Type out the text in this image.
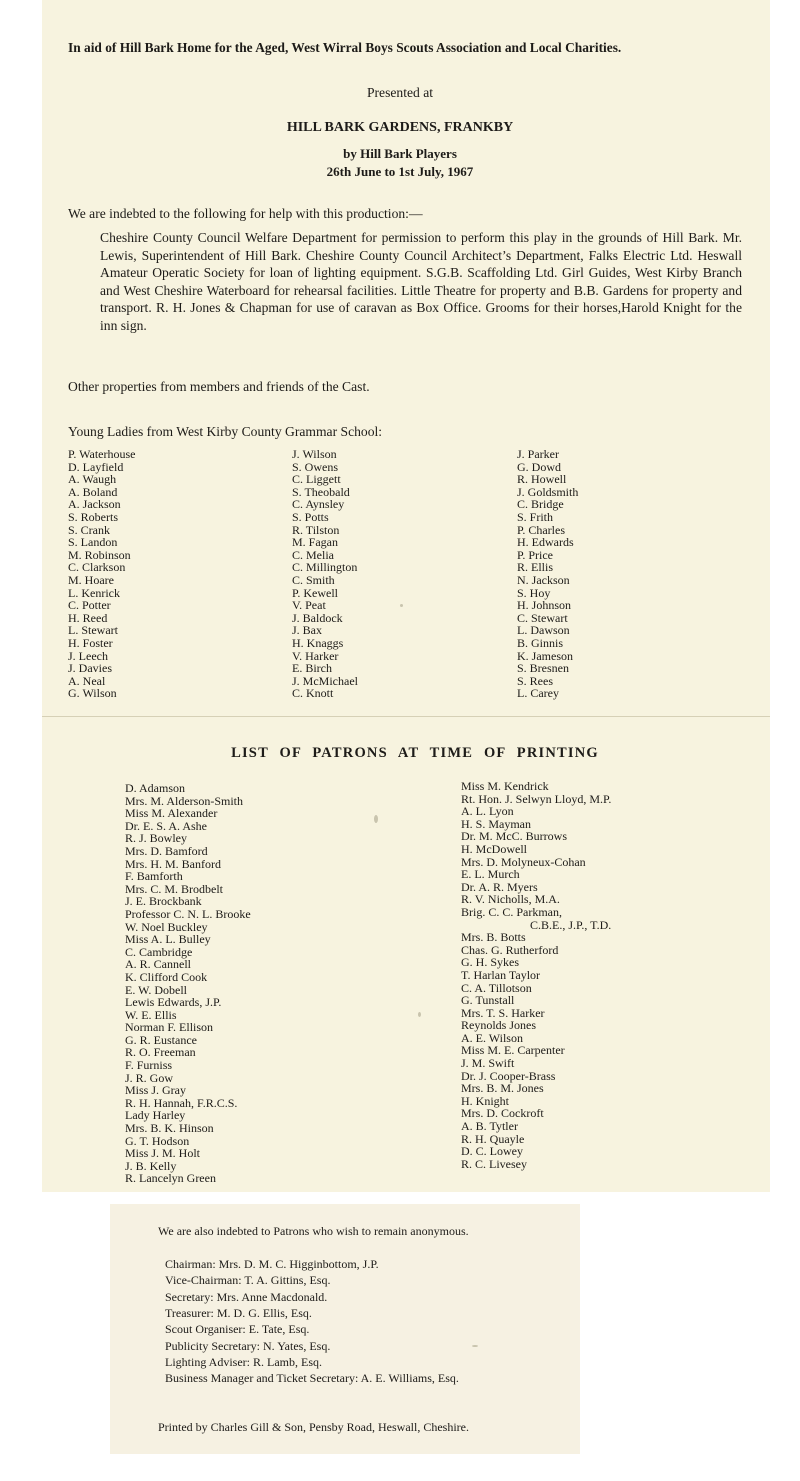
In aid of Hill Bark Home for the Aged, West Wirral Boys Scouts Association and Local Charities.
Presented at
HILL BARK GARDENS, FRANKBY
by Hill Bark Players
26th June to 1st July, 1967
We are indebted to the following for help with this production:—
Cheshire County Council Welfare Department for permission to perform this play in the grounds of Hill Bark. Mr. Lewis, Superintendent of Hill Bark. Cheshire County Council Architect’s Department, Falks Electric Ltd. Heswall Amateur Operatic Society for loan of lighting equipment. S.G.B. Scaffolding Ltd. Girl Guides, West Kirby Branch and West Cheshire Waterboard for rehearsal facilities. Little Theatre for property and B.B. Gardens for property and transport. R. H. Jones & Chapman for use of caravan as Box Office. Grooms for their horses,Harold Knight for the inn sign.
Other properties from members and friends of the Cast.
Young Ladies from West Kirby County Grammar School:
P. Waterhouse
D. Layfield
A. Waugh
A. Boland
A. Jackson
S. Roberts
S. Crank
S. Landon
M. Robinson
C. Clarkson
M. Hoare
L. Kenrick
C. Potter
H. Reed
L. Stewart
H. Foster
J. Leech
J. Davies
A. Neal
G. Wilson
J. Wilson
S. Owens
C. Liggett
S. Theobald
C. Aynsley
S. Potts
R. Tilston
M. Fagan
C. Melia
C. Millington
C. Smith
P. Kewell
V. Peat
J. Baldock
J. Bax
H. Knaggs
V. Harker
E. Birch
J. McMichael
C. Knott
J. Parker
G. Dowd
R. Howell
J. Goldsmith
C. Bridge
S. Frith
P. Charles
H. Edwards
P. Price
R. Ellis
N. Jackson
S. Hoy
H. Johnson
C. Stewart
L. Dawson
B. Ginnis
K. Jameson
S. Bresnen
S. Rees
L. Carey
LIST OF PATRONS AT TIME OF PRINTING
D. Adamson
Mrs. M. Alderson-Smith
Miss M. Alexander
Dr. E. S. A. Ashe
R. J. Bowley
Mrs. D. Bamford
Mrs. H. M. Banford
F. Bamforth
Mrs. C. M. Brodbelt
J. E. Brockbank
Professor C. N. L. Brooke
W. Noel Buckley
Miss A. L. Bulley
C. Cambridge
A. R. Cannell
K. Clifford Cook
E. W. Dobell
Lewis Edwards, J.P.
W. E. Ellis
Norman F. Ellison
G. R. Eustance
R. O. Freeman
F. Furniss
J. R. Gow
Miss J. Gray
R. H. Hannah, F.R.C.S.
Lady Harley
Mrs. B. K. Hinson
G. T. Hodson
Miss J. M. Holt
J. B. Kelly
R. Lancelyn Green
Miss M. Kendrick
Rt. Hon. J. Selwyn Lloyd, M.P.
A. L. Lyon
H. S. Mayman
Dr. M. McC. Burrows
H. McDowell
Mrs. D. Molyneux-Cohan
E. L. Murch
Dr. A. R. Myers
R. V. Nicholls, M.A.
Brig. C. C. Parkman,
C.B.E., J.P., T.D.
Mrs. B. Botts
Chas. G. Rutherford
G. H. Sykes
T. Harlan Taylor
C. A. Tillotson
G. Tunstall
Mrs. T. S. Harker
Reynolds Jones
A. E. Wilson
Miss M. E. Carpenter
J. M. Swift
Dr. J. Cooper-Brass
Mrs. B. M. Jones
H. Knight
Mrs. D. Cockroft
A. B. Tytler
R. H. Quayle
D. C. Lowey
R. C. Livesey
We are also indebted to Patrons who wish to remain anonymous.
Chairman: Mrs. D. M. C. Higginbottom, J.P.
Vice-Chairman: T. A. Gittins, Esq.
Secretary: Mrs. Anne Macdonald.
Treasurer: M. D. G. Ellis, Esq.
Scout Organiser: E. Tate, Esq.
Publicity Secretary: N. Yates, Esq.
Lighting Adviser: R. Lamb, Esq.
Business Manager and Ticket Secretary: A. E. Williams, Esq.
Printed by Charles Gill & Son, Pensby Road, Heswall, Cheshire.
